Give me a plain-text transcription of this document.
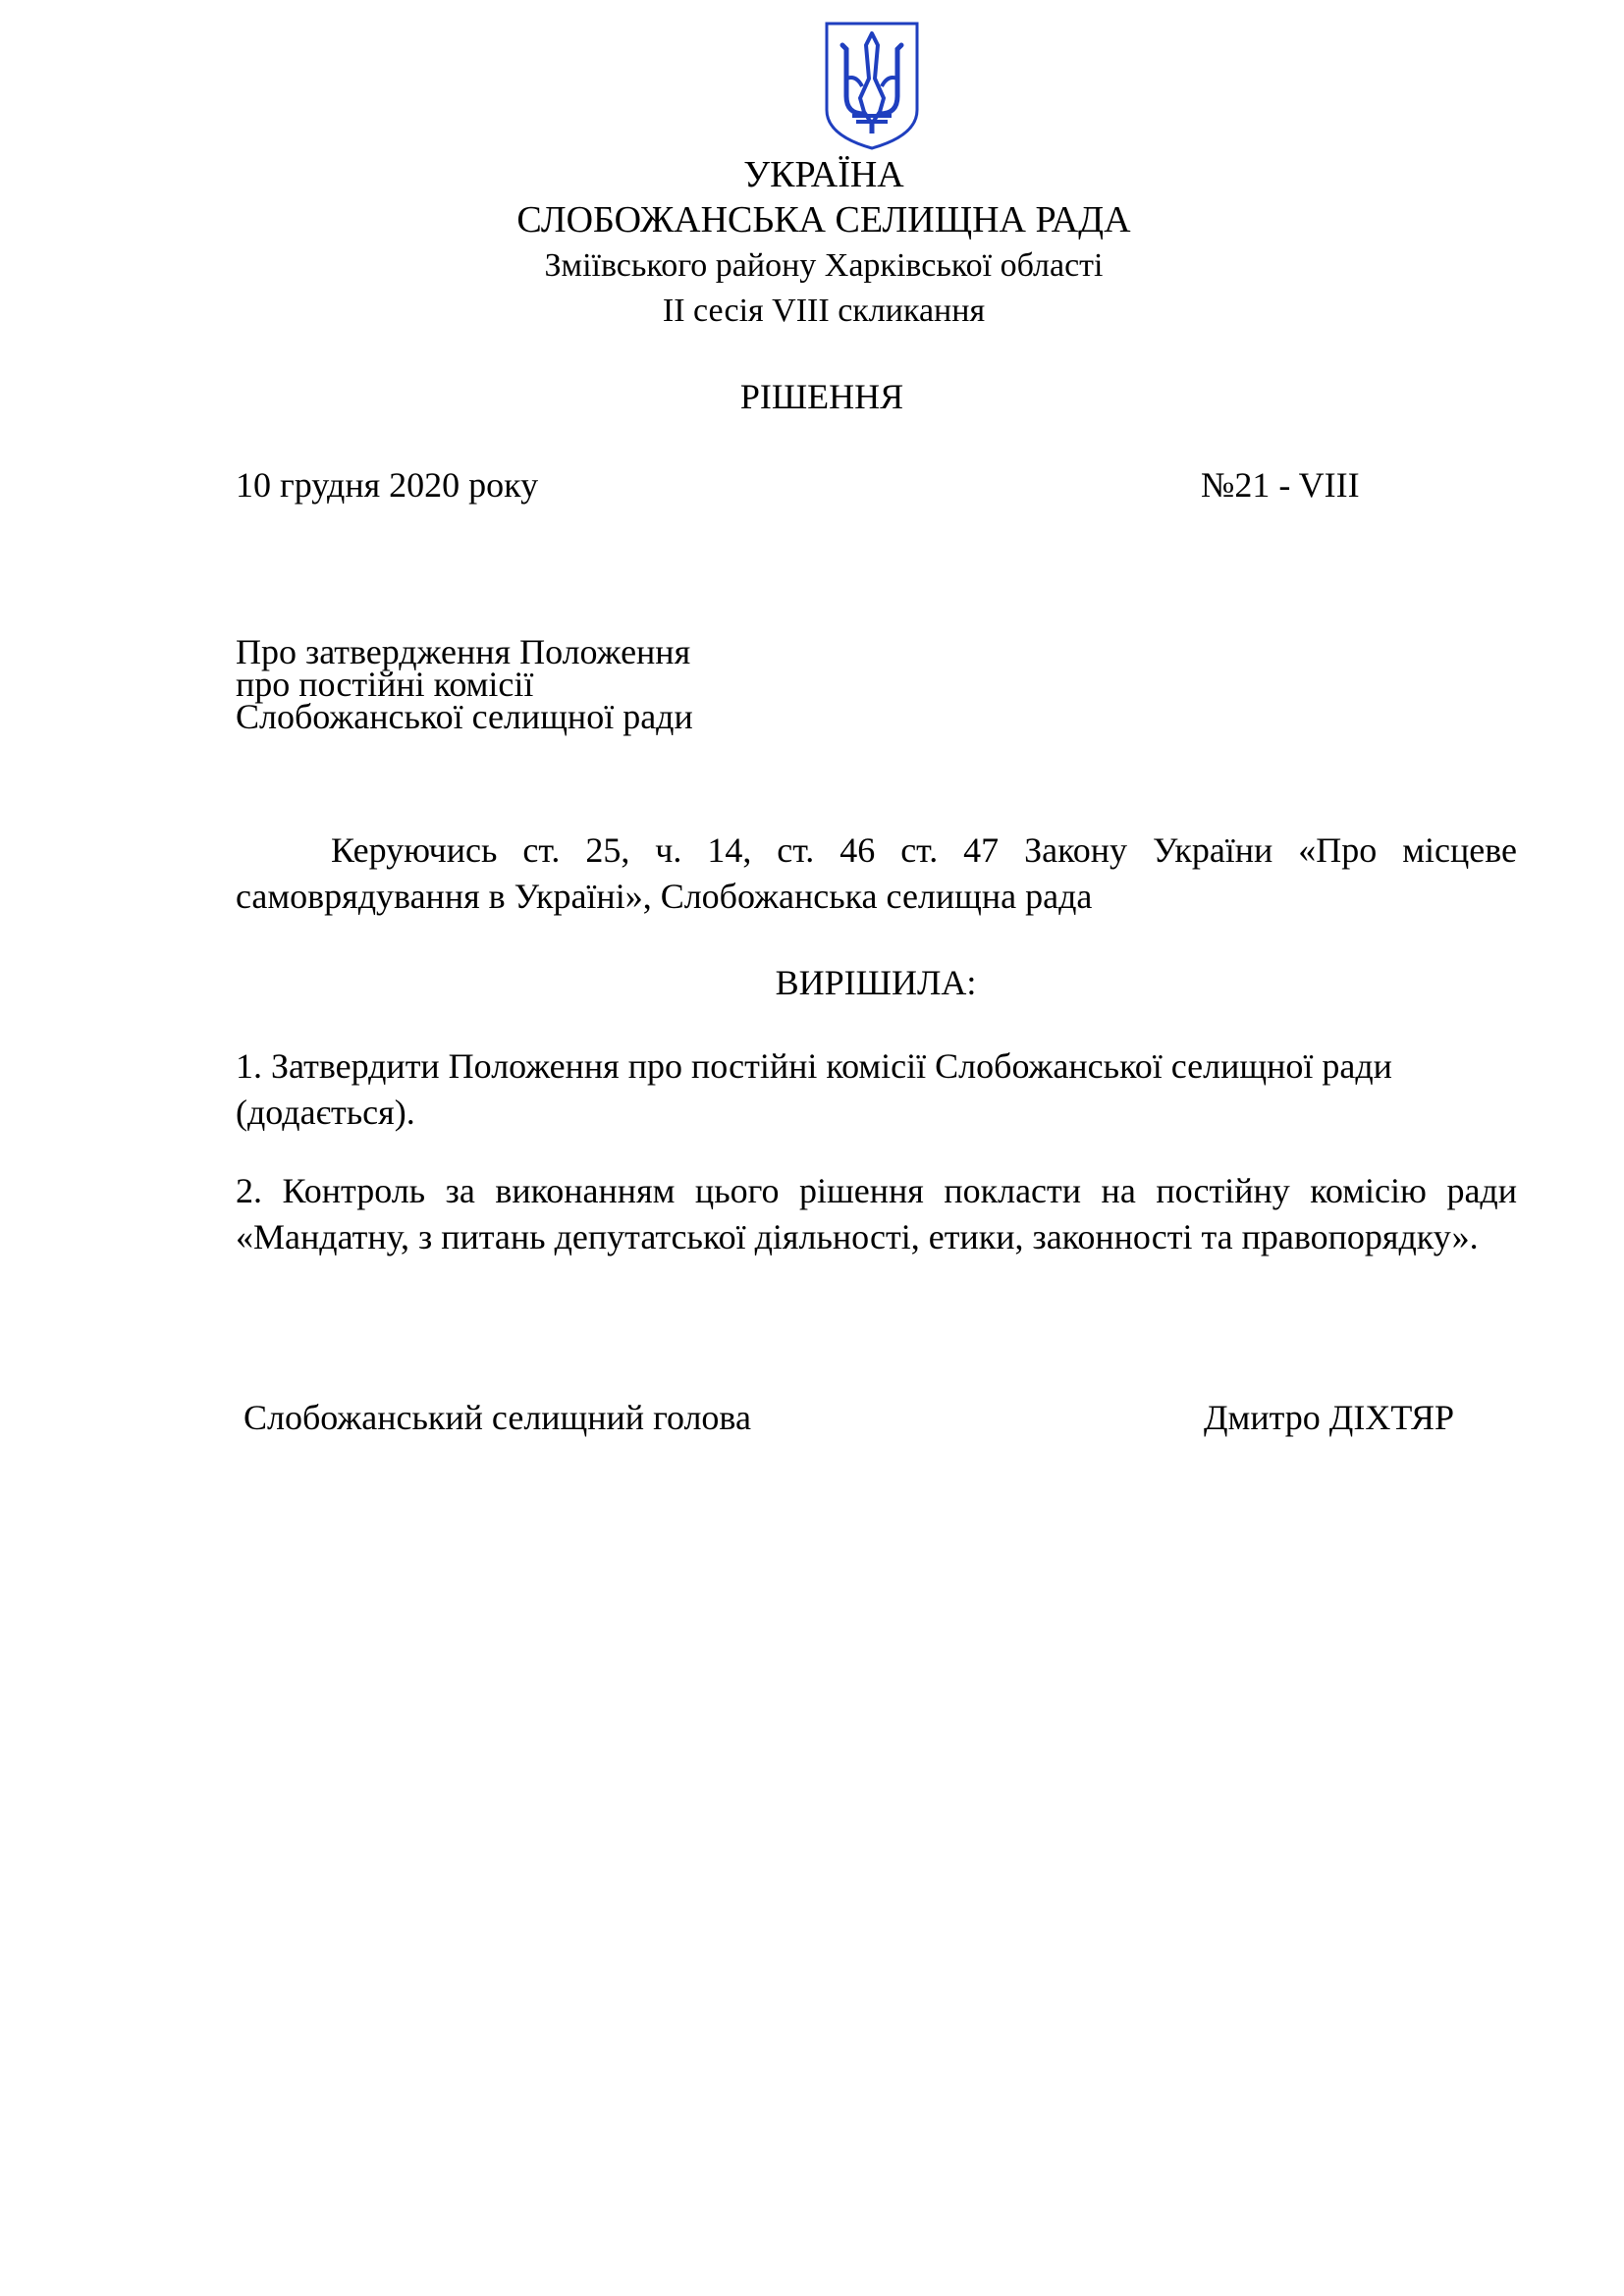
УКРАЇНА
СЛОБОЖАНСЬКА СЕЛИЩНА РАДА
Зміївського району Харківської області
ІІ сесія VIII скликання
РІШЕННЯ
10 грудня 2020 року	№21 - VIII
Про затвердження Положення
про постійні комісії
Слобожанської селищної ради
Керуючись ст. 25, ч. 14, ст. 46 ст. 47 Закону України «Про місцеве самоврядування в Україні», Слобожанська селищна рада
ВИРІШИЛА:
1. Затвердити Положення про постійні комісії Слобожанської селищної ради (додається).
2. Контроль за виконанням цього рішення покласти на постійну комісію ради «Мандатну, з питань депутатської діяльності, етики, законності та правопорядку».
Слобожанський селищний голова	Дмитро ДІХТЯР
